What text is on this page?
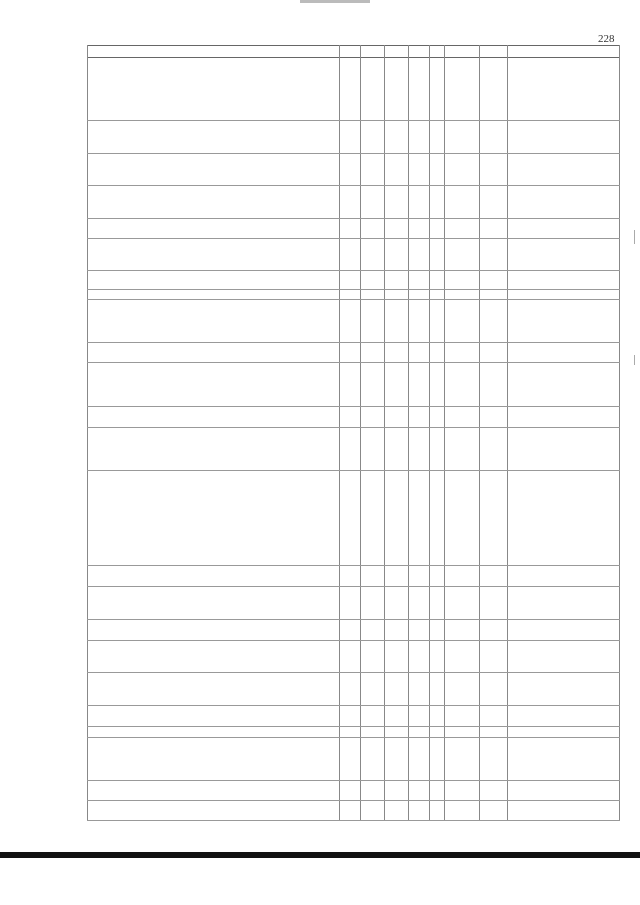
228
